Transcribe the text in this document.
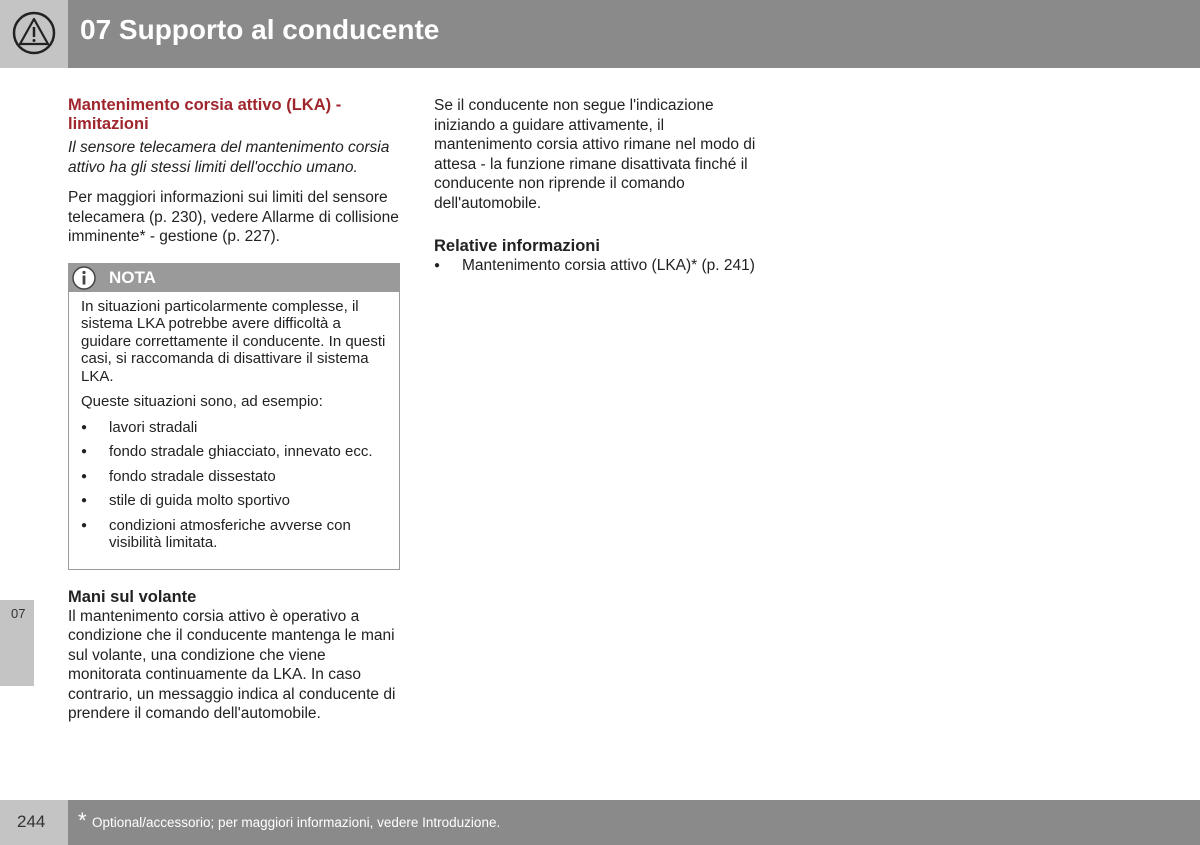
07 Supporto al conducente
07
Mantenimento corsia attivo (LKA) - limitazioni

Il sensore telecamera del mantenimento corsia attivo ha gli stessi limiti dell'occhio umano.

Per maggiori informazioni sui limiti del sensore telecamera (p. 230), vedere Allarme di collisione imminente* - gestione (p. 227).

NOTA

In situazioni particolarmente complesse, il sistema LKA potrebbe avere difficoltà a guidare correttamente il conducente. In questi casi, si raccomanda di disattivare il sistema LKA.

Queste situazioni sono, ad esempio:

● lavori stradali
● fondo stradale ghiacciato, innevato ecc.
● fondo stradale dissestato
● stile di guida molto sportivo
● condizioni atmosferiche avverse con visibilità limitata.
Mani sul volante

Il mantenimento corsia attivo è operativo a condizione che il conducente mantenga le mani sul volante, una condizione che viene monitorata continuamente da LKA. In caso contrario, un messaggio indica al conducente di prendere il comando dell'automobile.

Se il conducente non segue l'indicazione iniziando a guidare attivamente, il mantenimento corsia attivo rimane nel modo di attesa - la funzione rimane disattivata finché il conducente non riprende il comando dell'automobile.

Relative informazioni
● Mantenimento corsia attivo (LKA)* (p. 241)
244 * Optional/accessorio; per maggiori informazioni, vedere Introduzione.
